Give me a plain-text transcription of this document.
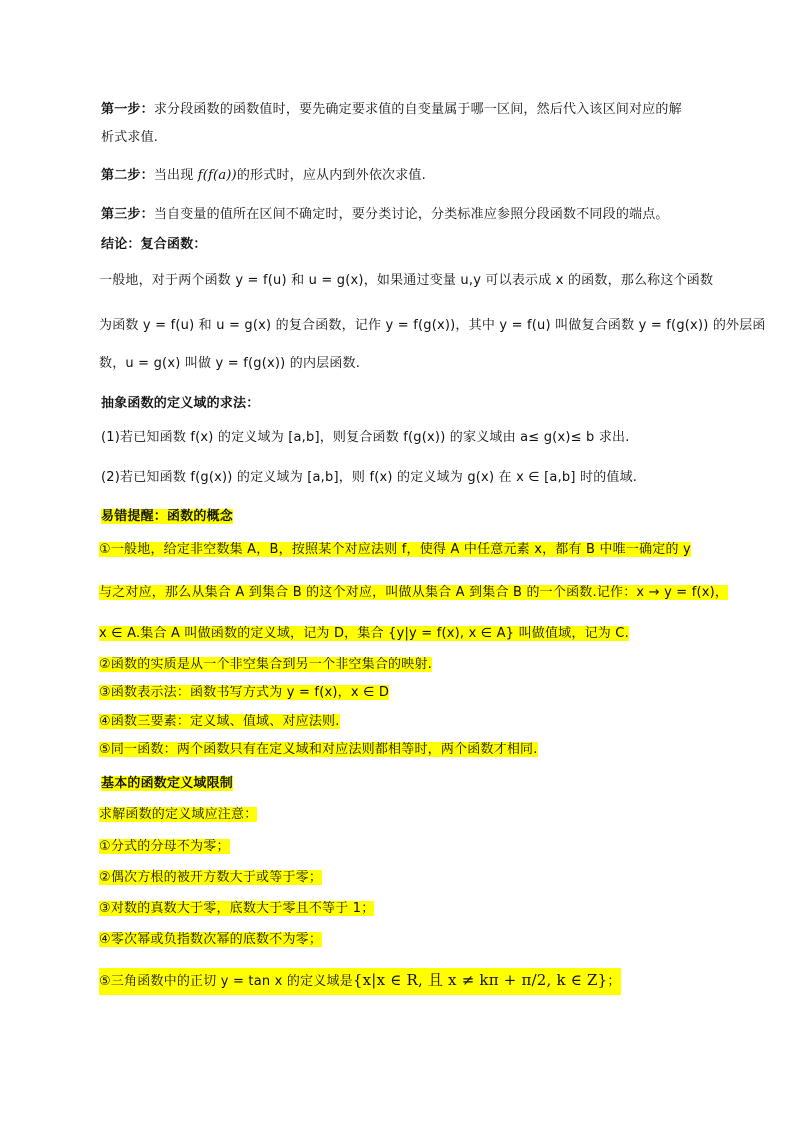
第一步：求分段函数的函数值时，要先确定要求值的自变量属于哪一区间，然后代入该区间对应的解
析式求值.
第二步：当出现 f(f(a))的形式时，应从内到外依次求值.
第三步：当自变量的值所在区间不确定时，要分类讨论，分类标准应参照分段函数不同段的端点。
结论：复合函数：
一般地，对于两个函数 y = f(u) 和 u = g(x)，如果通过变量 u,y 可以表示成 x 的函数，那么称这个函数
为函数 y = f(u) 和 u = g(x) 的复合函数，记作 y = f(g(x))，其中 y = f(u) 叫做复合函数 y = f(g(x)) 的外层函
数，u = g(x) 叫做 y = f(g(x)) 的内层函数.
抽象函数的定义域的求法：
(1)若已知函数 f(x) 的定义域为 [a,b]，则复合函数 f(g(x)) 的家义域由 a≤ g(x)≤ b 求出.
(2)若已知函数 f(g(x)) 的定义域为 [a,b]，则 f(x) 的定义域为 g(x) 在 x ∈ [a,b] 时的值域.
易错提醒：函数的概念
①一般地，给定非空数集 A，B，按照某个对应法则 f，使得 A 中任意元素 x，都有 B 中唯一确定的 y
与之对应，那么从集合 A 到集合 B 的这个对应，叫做从集合 A 到集合 B 的一个函数.记作：x → y = f(x)，
x ∈ A.集合 A 叫做函数的定义域，记为 D，集合 {y|y = f(x), x ∈ A} 叫做值域，记为 C.
②函数的实质是从一个非空集合到另一个非空集合的映射.
③函数表示法：函数书写方式为 y = f(x)，x ∈ D
④函数三要素：定义域、值域、对应法则.
⑤同一函数：两个函数只有在定义域和对应法则都相等时，两个函数才相同.
基本的函数定义域限制
求解函数的定义域应注意：
①分式的分母不为零；
②偶次方根的被开方数大于或等于零；
③对数的真数大于零，底数大于零且不等于 1；
④零次幂或负指数次幂的底数不为零；
⑤三角函数中的正切 y = tan x 的定义域是{x|x ∈ R, 且 x ≠ kπ + π/2, k ∈ Z}；
